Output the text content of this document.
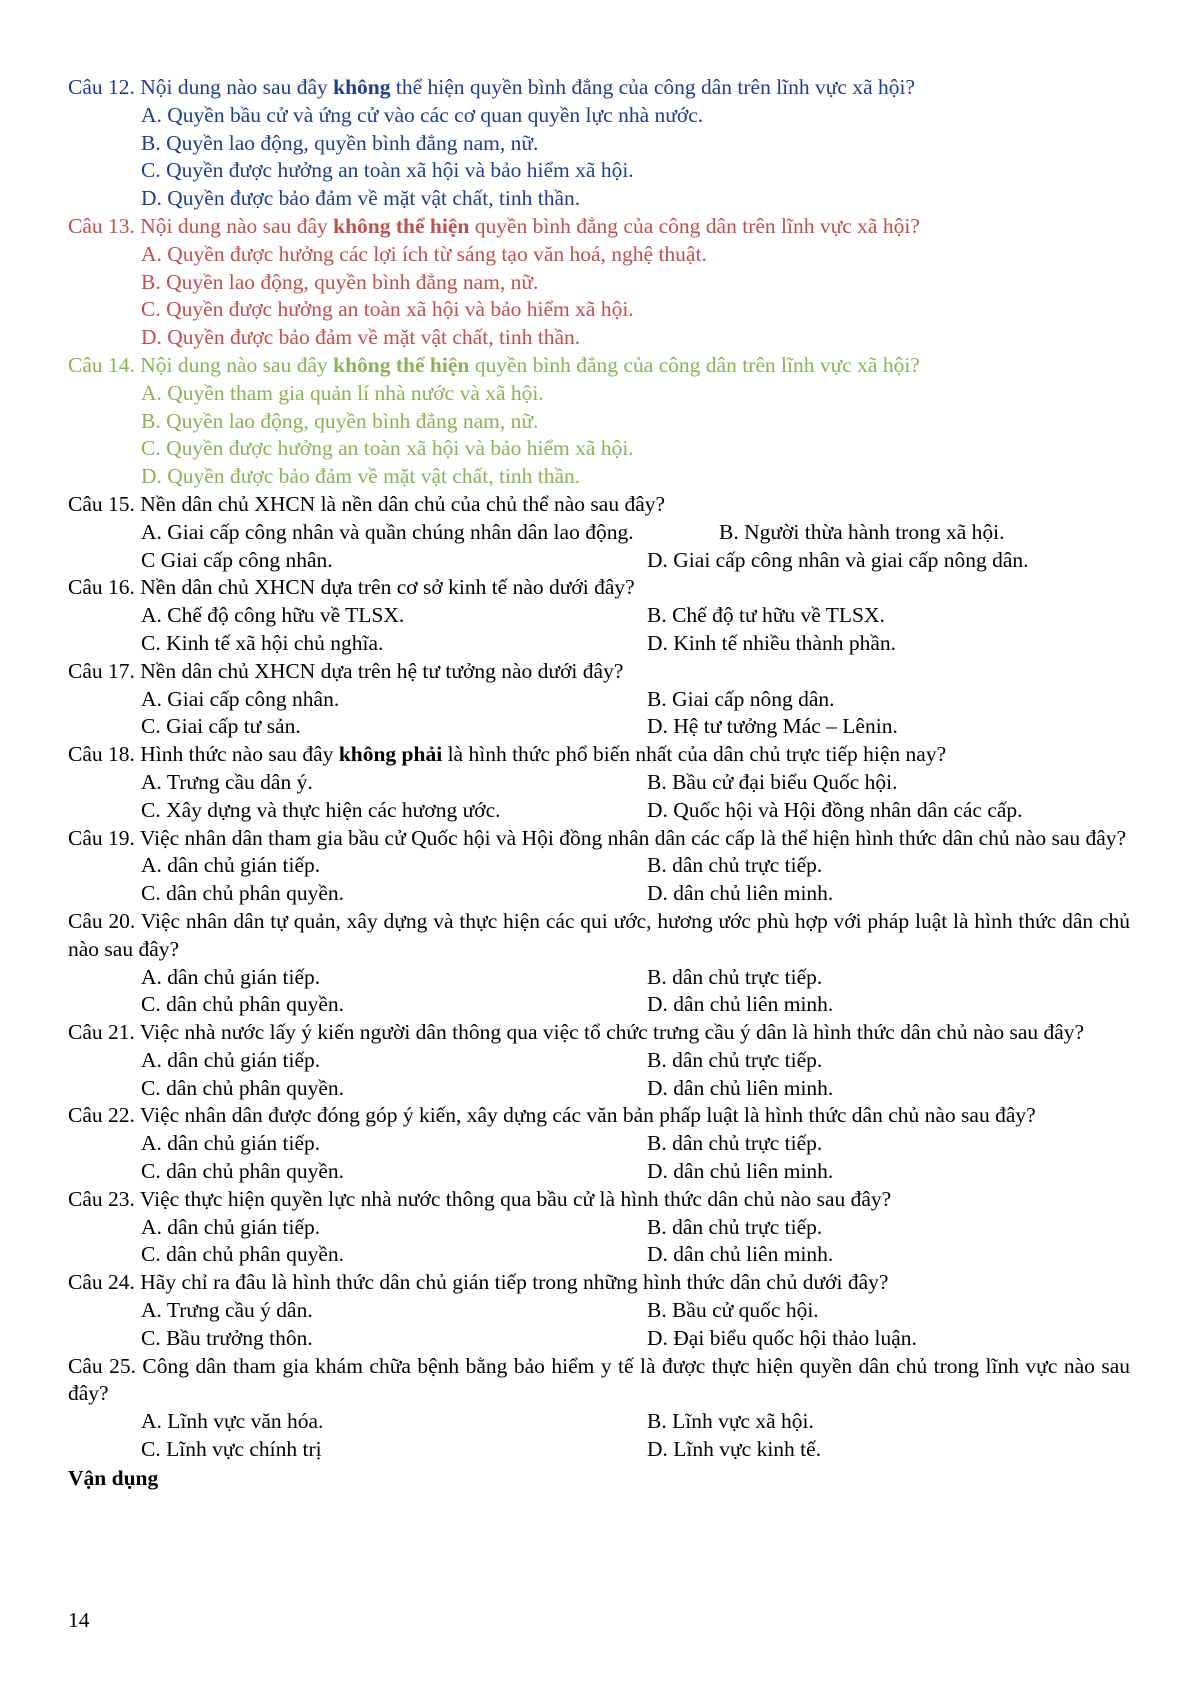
Câu 12. Nội dung nào sau đây không thể hiện quyền bình đẳng của công dân trên lĩnh vực xã hội?
A. Quyền bầu cử và ứng cử vào các cơ quan quyền lực nhà nước.
B. Quyền lao động, quyền bình đẳng nam, nữ.
C. Quyền được hưởng an toàn xã hội và bảo hiểm xã hội.
D. Quyền được bảo đảm về mặt vật chất, tinh thần.
Câu 13. Nội dung nào sau đây không thể hiện quyền bình đẳng của công dân trên lĩnh vực xã hội?
A. Quyền được hưởng các lợi ích từ sáng tạo văn hoá, nghệ thuật.
B. Quyền lao động, quyền bình đẳng nam, nữ.
C. Quyền được hưởng an toàn xã hội và bảo hiểm xã hội.
D. Quyền được bảo đảm về mặt vật chất, tinh thần.
Câu 14. Nội dung nào sau đây không thể hiện quyền bình đẳng của công dân trên lĩnh vực xã hội?
A. Quyền tham gia quản lí nhà nước và xã hội.
B. Quyền lao động, quyền bình đẳng nam, nữ.
C. Quyền được hưởng an toàn xã hội và bảo hiểm xã hội.
D. Quyền được bảo đảm về mặt vật chất, tinh thần.
Câu 15. Nền dân chủ XHCN là nền dân chủ của chủ thể nào sau đây?
A. Giai cấp công nhân và quần chúng nhân dân lao động.	B. Người thừa hành trong xã hội.
C Giai cấp công nhân.	D. Giai cấp công nhân và giai cấp nông dân.
Câu 16. Nền dân chủ XHCN dựa trên cơ sở kinh tế nào dưới đây?
A. Chế độ công hữu về TLSX.	B. Chế độ tư hữu về TLSX.
C. Kinh tế xã hội chủ nghĩa.	D. Kinh tế nhiều thành phần.
Câu 17. Nền dân chủ XHCN dựa trên hệ tư tưởng nào dưới đây?
A. Giai cấp công nhân.	B. Giai cấp nông dân.
C. Giai cấp tư sản.	D. Hệ tư tưởng Mác – Lênin.
Câu 18. Hình thức nào sau đây không phải là hình thức phổ biến nhất của dân chủ trực tiếp hiện nay?
A. Trưng cầu dân ý.	B. Bầu cử đại biểu Quốc hội.
C. Xây dựng và thực hiện các hương ước.	D. Quốc hội và Hội đồng nhân dân các cấp.
Câu 19. Việc nhân dân tham gia bầu cử Quốc hội và Hội đồng nhân dân các cấp là thể hiện hình thức dân chủ nào sau đây?
A. dân chủ gián tiếp.	B. dân chủ trực tiếp.
C. dân chủ phân quyền.	D. dân chủ liên minh.
Câu 20. Việc nhân dân tự quản, xây dựng và thực hiện các qui ước, hương ước phù hợp với pháp luật là hình thức dân chủ nào sau đây?
A. dân chủ gián tiếp.	B. dân chủ trực tiếp.
C. dân chủ phân quyền.	D. dân chủ liên minh.
Câu 21. Việc nhà nước lấy ý kiến người dân thông qua việc tổ chức trưng cầu ý dân là hình thức dân chủ nào sau đây?
A. dân chủ gián tiếp.	B. dân chủ trực tiếp.
C. dân chủ phân quyền.	D. dân chủ liên minh.
Câu 22. Việc nhân dân được đóng góp ý kiến, xây dựng các văn bản phấp luật là hình thức dân chủ nào sau đây?
A. dân chủ gián tiếp.	B. dân chủ trực tiếp.
C. dân chủ phân quyền.	D. dân chủ liên minh.
Câu 23. Việc thực hiện quyền lực nhà nước thông qua bầu cử là hình thức dân chủ nào sau đây?
A. dân chủ gián tiếp.	B. dân chủ trực tiếp.
C. dân chủ phân quyền.	D. dân chủ liên minh.
Câu 24. Hãy chỉ ra đâu là hình thức dân chủ gián tiếp trong những hình thức dân chủ dưới đây?
A. Trưng cầu ý dân.	B. Bầu cử quốc hội.
C. Bầu trưởng thôn.	D. Đại biểu quốc hội thảo luận.
Câu 25. Công dân tham gia khám chữa bệnh bằng bảo hiểm y tế là được thực hiện quyền dân chủ trong lĩnh vực nào sau đây?
A. Lĩnh vực văn hóa.	B. Lĩnh vực xã hội.
C. Lĩnh vực chính trị	D. Lĩnh vực kinh tế.
Vận dụng
14
